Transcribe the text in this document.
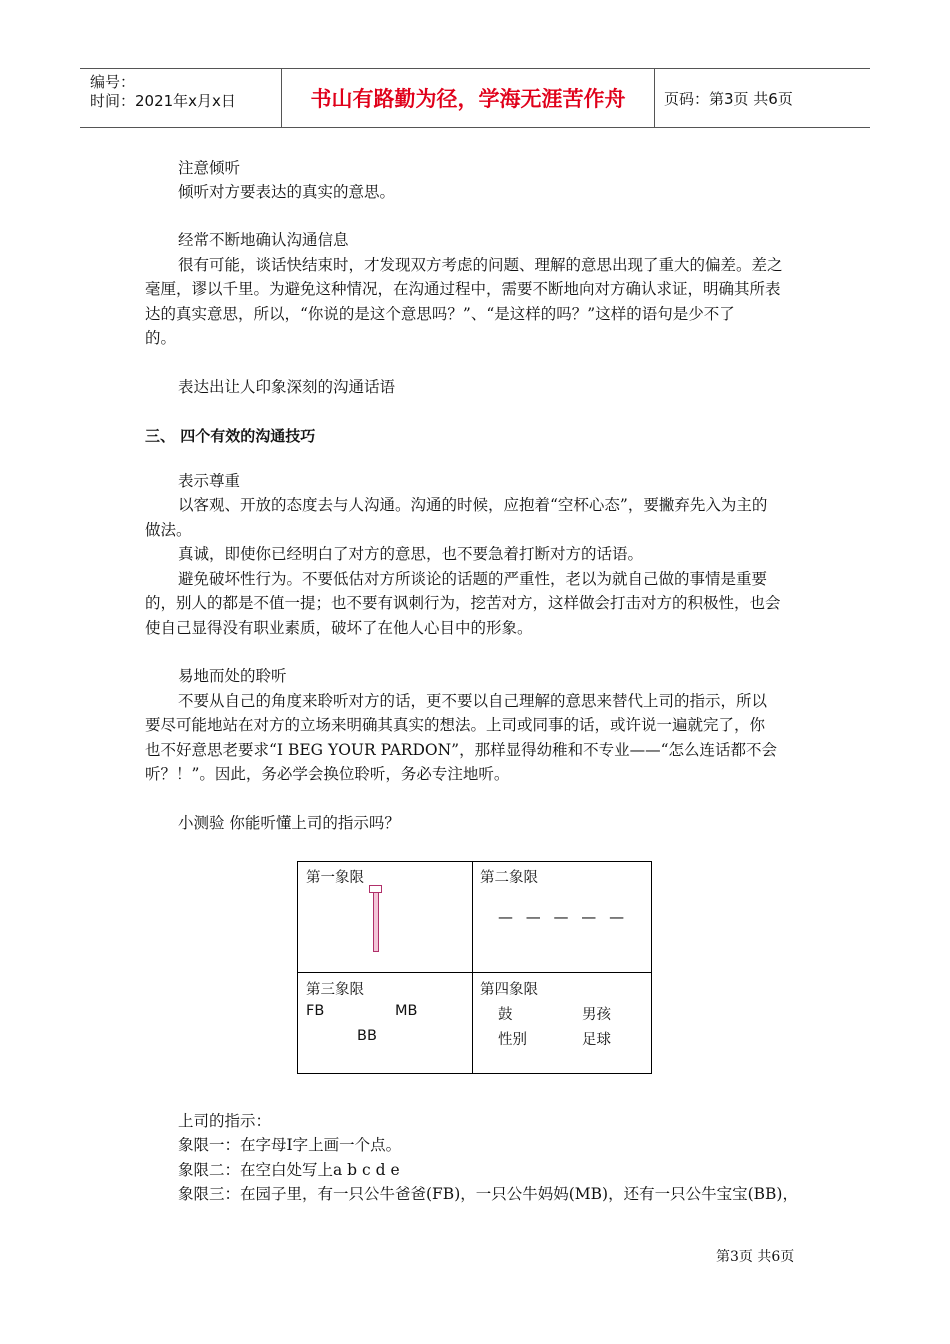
编号：
时间：2021年x月x日	书山有路勤为径，学海无涯苦作舟	页码：第3页 共6页
注意倾听
倾听对方要表达的真实的意思。
经常不断地确认沟通信息
很有可能，谈话快结束时，才发现双方考虑的问题、理解的意思出现了重大的偏差。差之
毫厘，谬以千里。为避免这种情况，在沟通过程中，需要不断地向对方确认求证，明确其所表
达的真实意思，所以，“你说的是这个意思吗？”、“是这样的吗？”这样的语句是少不了
的。
表达出让人印象深刻的沟通话语
三、 四个有效的沟通技巧
表示尊重
以客观、开放的态度去与人沟通。沟通的时候，应抱着“空杯心态”，要撇弃先入为主的
做法。
真诚，即使你已经明白了对方的意思，也不要急着打断对方的话语。
避免破坏性行为。不要低估对方所谈论的话题的严重性，老以为就自己做的事情是重要
的，别人的都是不值一提；也不要有讽刺行为，挖苦对方，这样做会打击对方的积极性，也会
使自己显得没有职业素质，破坏了在他人心目中的形象。
易地而处的聆听
不要从自己的角度来聆听对方的话，更不要以自己理解的意思来替代上司的指示，所以
要尽可能地站在对方的立场来明确其真实的想法。上司或同事的话，或许说一遍就完了，你
也不好意思老要求“I BEG YOUR PARDON”，那样显得幼稚和不专业——“怎么连话都不会
听？！”。因此，务必学会换位聆听，务必专注地听。
小测验 你能听懂上司的指示吗？
第一象限	第二象限
— — — — —
第三象限
FB	MB
BB
第四象限
鼓	男孩
性别	足球
上司的指示：
象限一：在字母I字上画一个点。
象限二：在空白处写上a b c d e
象限三：在园子里，有一只公牛爸爸(FB)，一只公牛妈妈(MB)，还有一只公牛宝宝(BB)，
第3页 共6页
